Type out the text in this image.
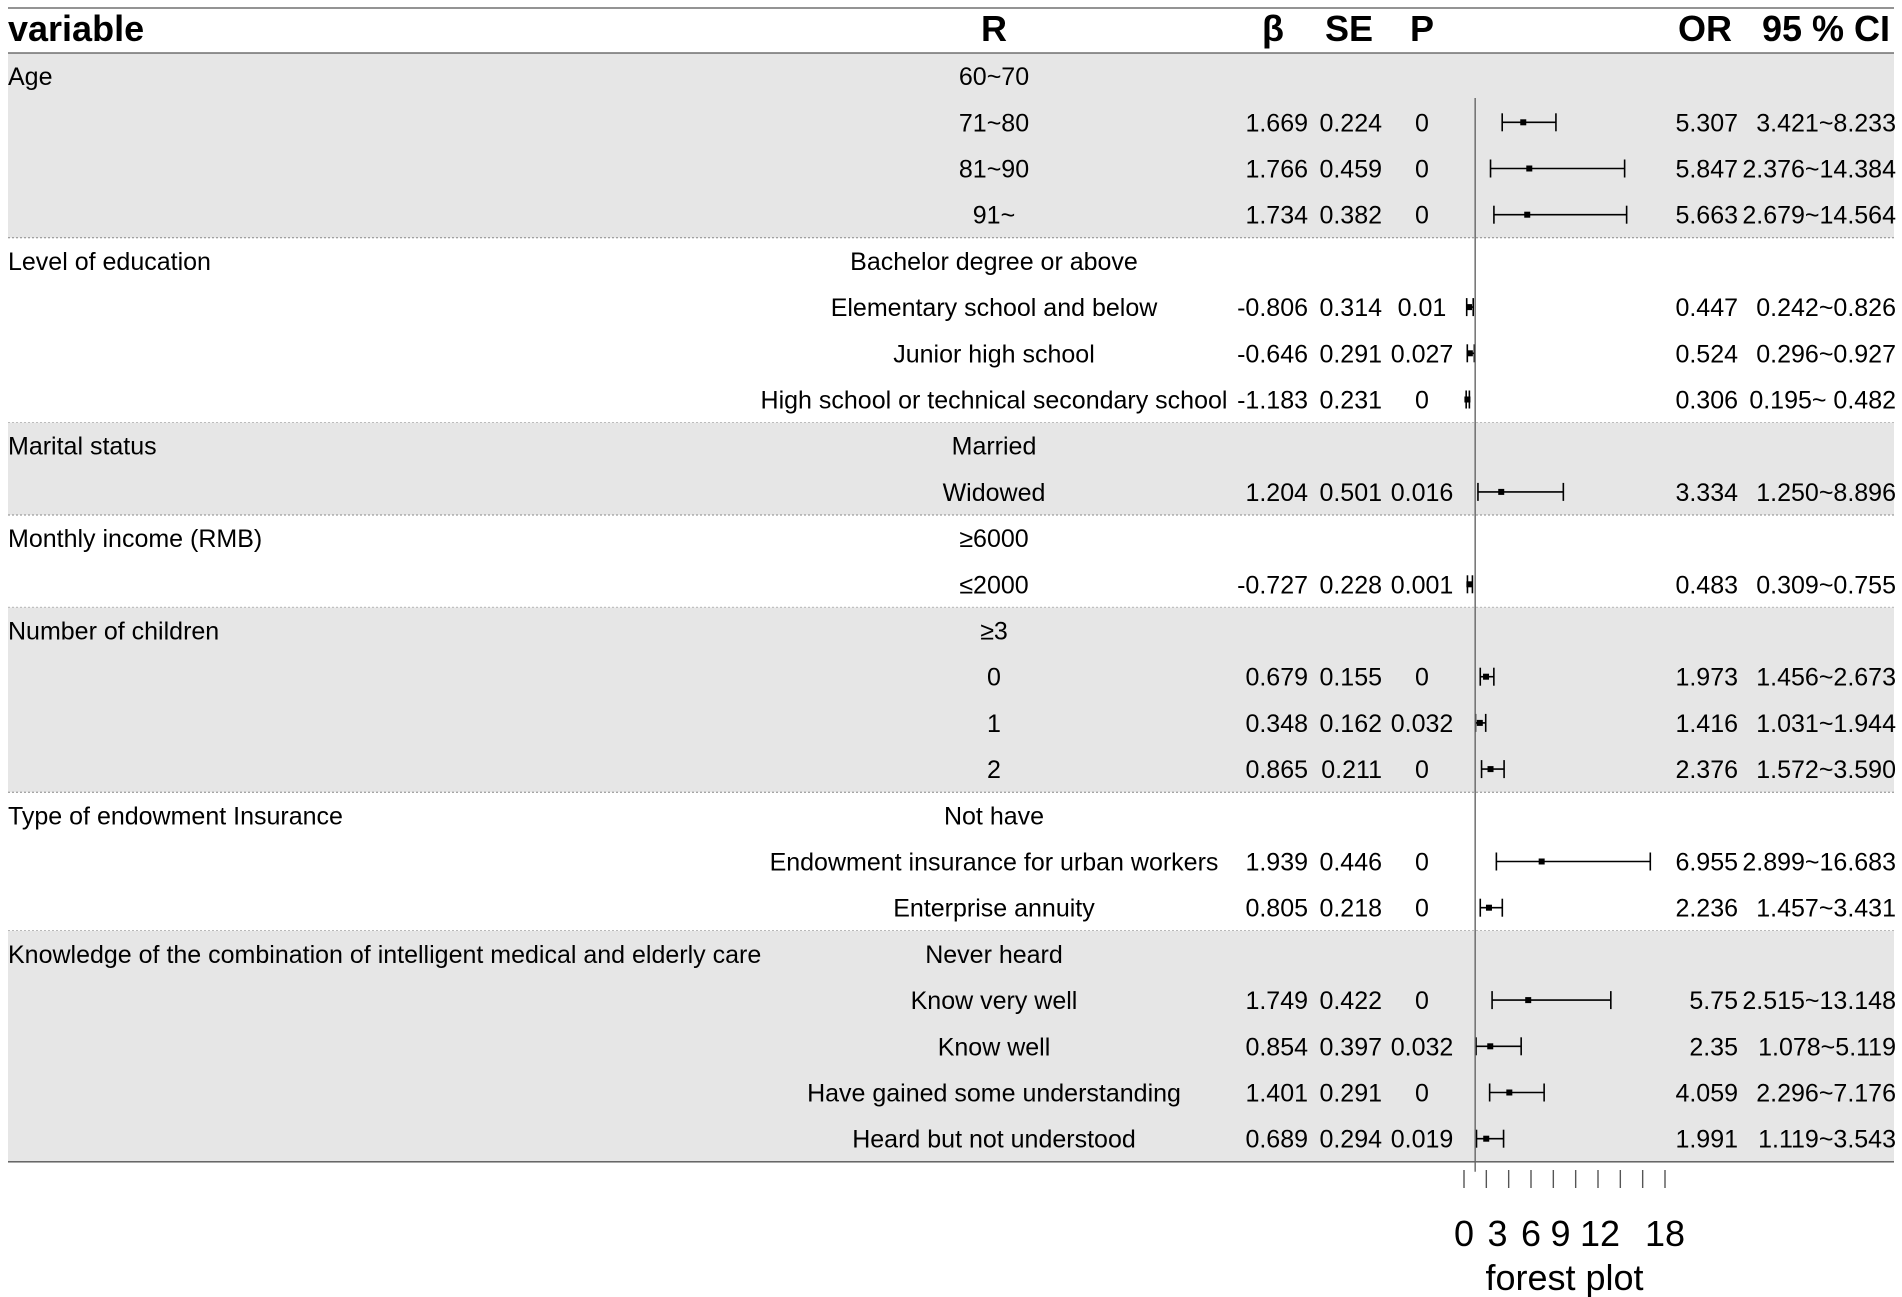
variable	R	β SE P	OR 95 % CI
Age	60~70
71~80	1.669 0.224 0	5.307 3.421~8.233
81~90	1.766 0.459 0	5.847 2.376~14.384
91~	1.734 0.382 0	5.663 2.679~14.564
Level of education	Bachelor degree or above
Elementary school and below	-0.806 0.314 0.01	0.447 0.242~0.826
Junior high school	-0.646 0.291 0.027	0.524 0.296~0.927
High school or technical secondary school -1.183 0.231 0	0.306 0.195~ 0.482
Marital status	Married
Widowed	1.204 0.501 0.016	3.334 1.250~8.896
Monthly income (RMB)	≥6000
≤2000	-0.727 0.228 0.001	0.483 0.309~0.755
Number of children	≥3
0	0.679 0.155 0	1.973 1.456~2.673
1	0.348 0.162 0.032	1.416 1.031~1.944
2	0.865 0.211 0	2.376 1.572~3.590
Type of endowment Insurance	Not have
Endowment insurance for urban workers 1.939 0.446 0	6.955 2.899~16.683
Enterprise annuity	0.805 0.218 0	2.236 1.457~3.431
Knowledge of the combination of intelligent medical and elderly care	Never heard
Know very well	1.749 0.422 0	5.75 2.515~13.148
Know well	0.854 0.397 0.032	2.35 1.078~5.119
Have gained some understanding	1.401 0.291 0	4.059 2.296~7.176
Heard but not understood	0.689 0.294 0.019	1.991 1.119~3.543
0 3 6 9 12 18
forest plot
